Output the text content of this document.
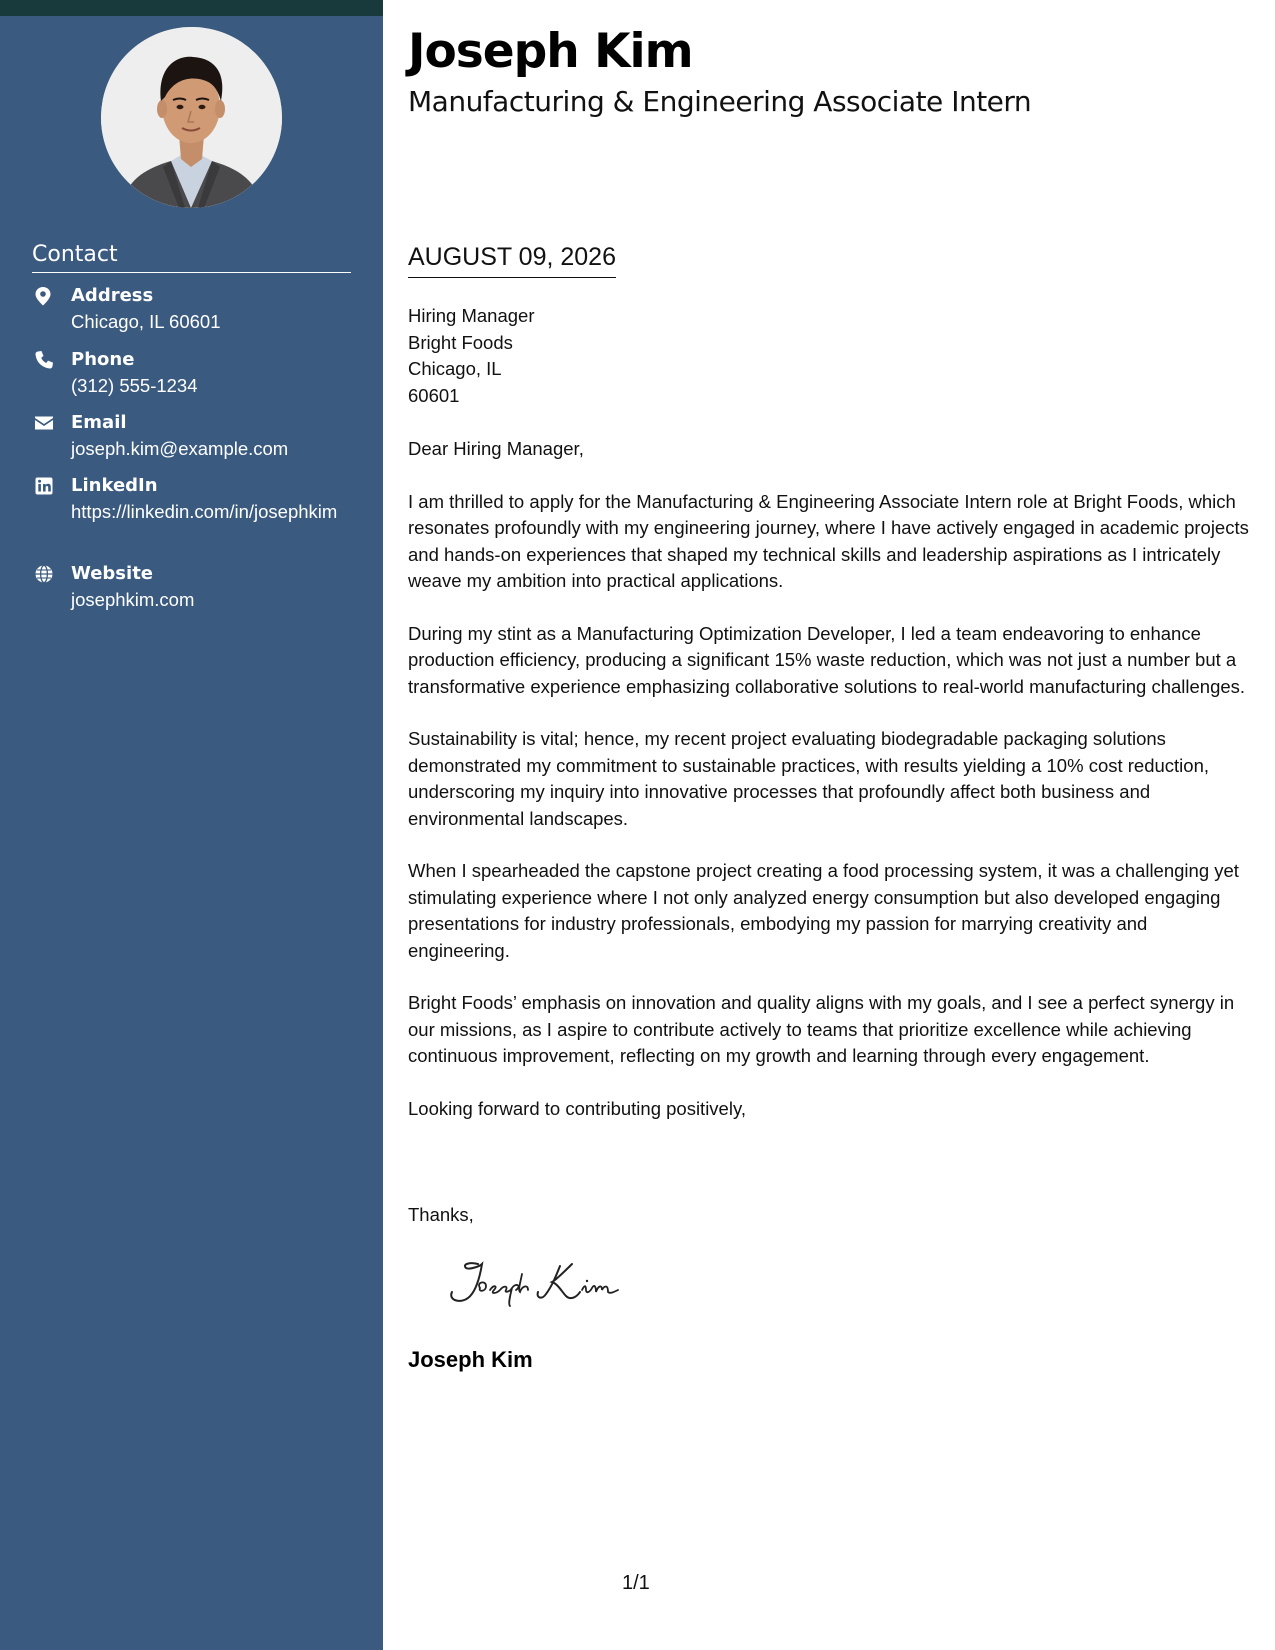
Contact
Address
Chicago, IL 60601
Phone
(312) 555-1234
Email
joseph.kim@example.com
LinkedIn
https://linkedin.com/in/josephkim
Website
josephkim.com
Joseph Kim
Manufacturing & Engineering Associate Intern
AUGUST 09, 2026
Hiring Manager
Bright Foods
Chicago, IL
60601

Dear Hiring Manager,

I am thrilled to apply for the Manufacturing & Engineering Associate Intern role at Bright Foods, which resonates profoundly with my engineering journey, where I have actively engaged in academic projects and hands-on experiences that shaped my technical skills and leadership aspirations as I intricately weave my ambition into practical applications.

During my stint as a Manufacturing Optimization Developer, I led a team endeavoring to enhance production efficiency, producing a significant 15% waste reduction, which was not just a number but a transformative experience emphasizing collaborative solutions to real-world manufacturing challenges.

Sustainability is vital; hence, my recent project evaluating biodegradable packaging solutions demonstrated my commitment to sustainable practices, with results yielding a 10% cost reduction, underscoring my inquiry into innovative processes that profoundly affect both business and environmental landscapes.

When I spearheaded the capstone project creating a food processing system, it was a challenging yet stimulating experience where I not only analyzed energy consumption but also developed engaging presentations for industry professionals, embodying my passion for marrying creativity and engineering.

Bright Foods’ emphasis on innovation and quality aligns with my goals, and I see a perfect synergy in our missions, as I aspire to contribute actively to teams that prioritize excellence while achieving continuous improvement, reflecting on my growth and learning through every engagement.

Looking forward to contributing positively,

Thanks,
Joseph Kim
1/1
